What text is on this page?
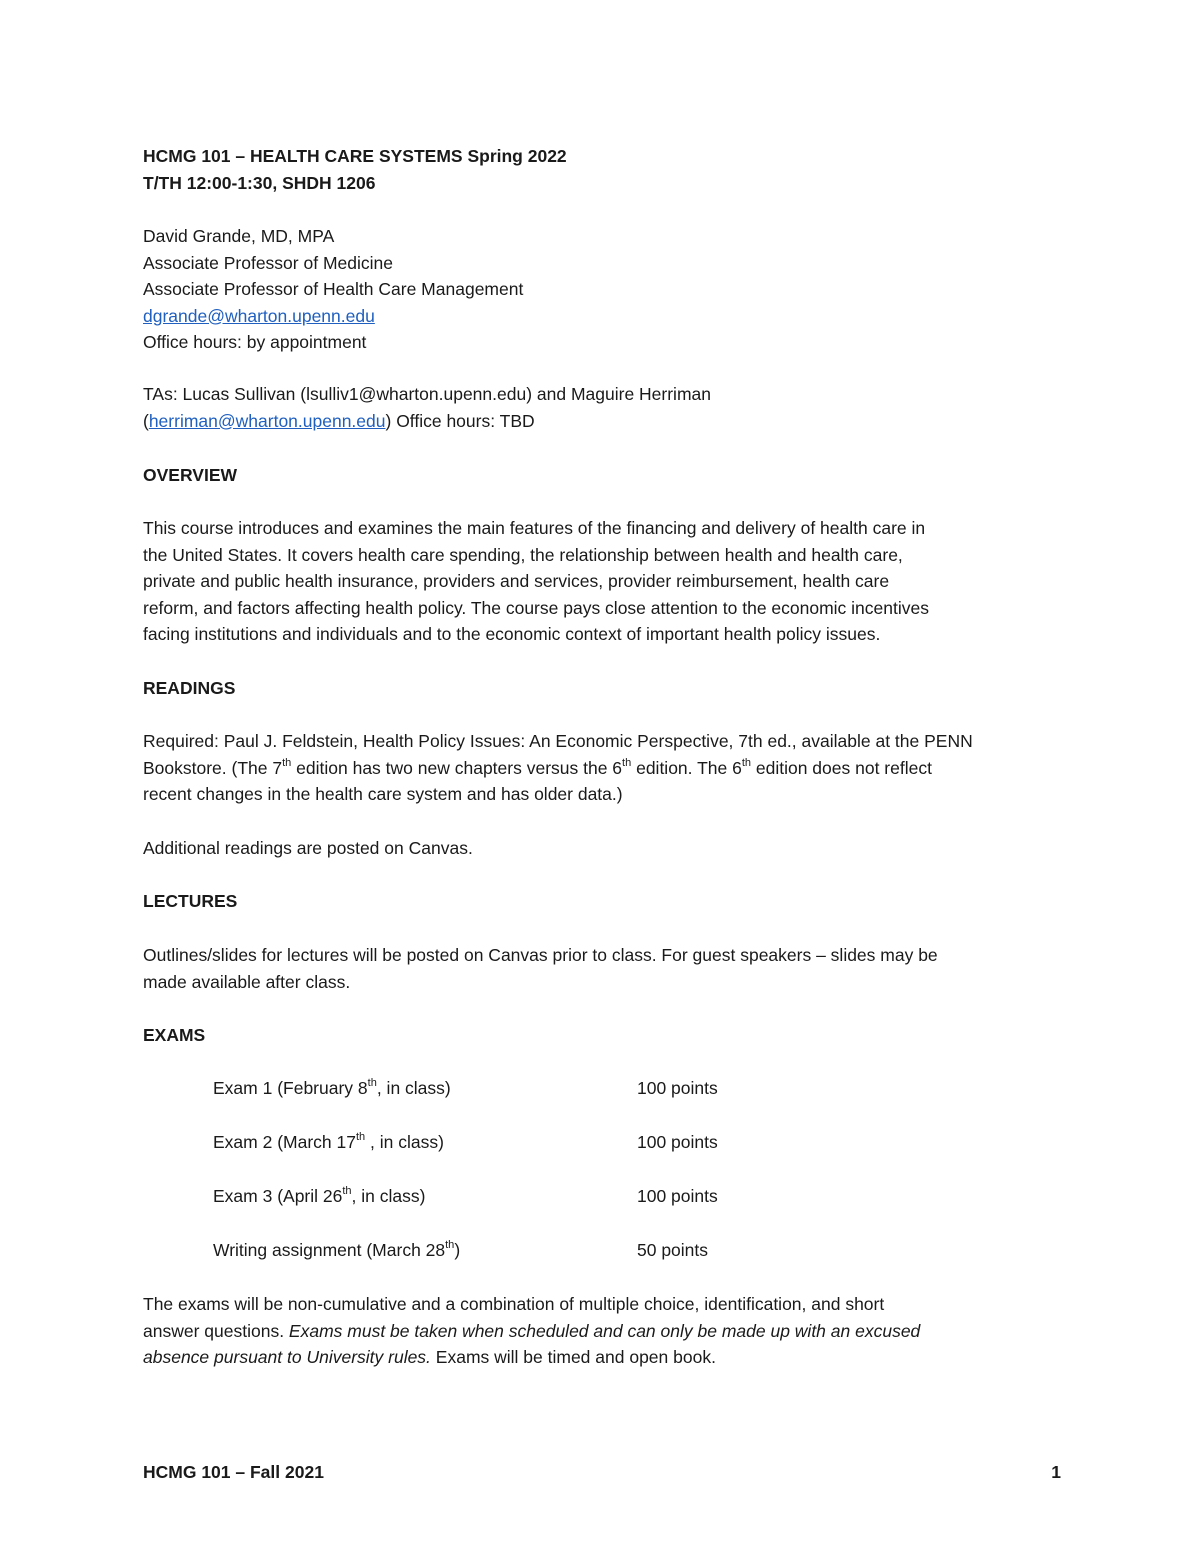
HCMG 101 – HEALTH CARE SYSTEMS Spring 2022
T/TH 12:00-1:30, SHDH 1206
David Grande, MD, MPA
Associate Professor of Medicine
Associate Professor of Health Care Management
dgrande@wharton.upenn.edu
Office hours: by appointment
TAs: Lucas Sullivan (lsulliv1@wharton.upenn.edu) and Maguire Herriman
(herriman@wharton.upenn.edu) Office hours: TBD
OVERVIEW
This course introduces and examines the main features of the financing and delivery of health care in
the United States. It covers health care spending, the relationship between health and health care,
private and public health insurance, providers and services, provider reimbursement, health care
reform, and factors affecting health policy. The course pays close attention to the economic incentives
facing institutions and individuals and to the economic context of important health policy issues.
READINGS
Required: Paul J. Feldstein, Health Policy Issues: An Economic Perspective, 7th ed., available at the PENN
Bookstore. (The 7th edition has two new chapters versus the 6th edition. The 6th edition does not reflect
recent changes in the health care system and has older data.)
Additional readings are posted on Canvas.
LECTURES
Outlines/slides for lectures will be posted on Canvas prior to class. For guest speakers – slides may be
made available after class.
EXAMS
Exam 1 (February 8th, in class)	100 points
Exam 2 (March 17th , in class)	100 points
Exam 3 (April 26th, in class)	100 points
Writing assignment (March 28th)	50 points
The exams will be non-cumulative and a combination of multiple choice, identification, and short
answer questions. Exams must be taken when scheduled and can only be made up with an excused
absence pursuant to University rules. Exams will be timed and open book.
HCMG 101 – Fall 2021	1
